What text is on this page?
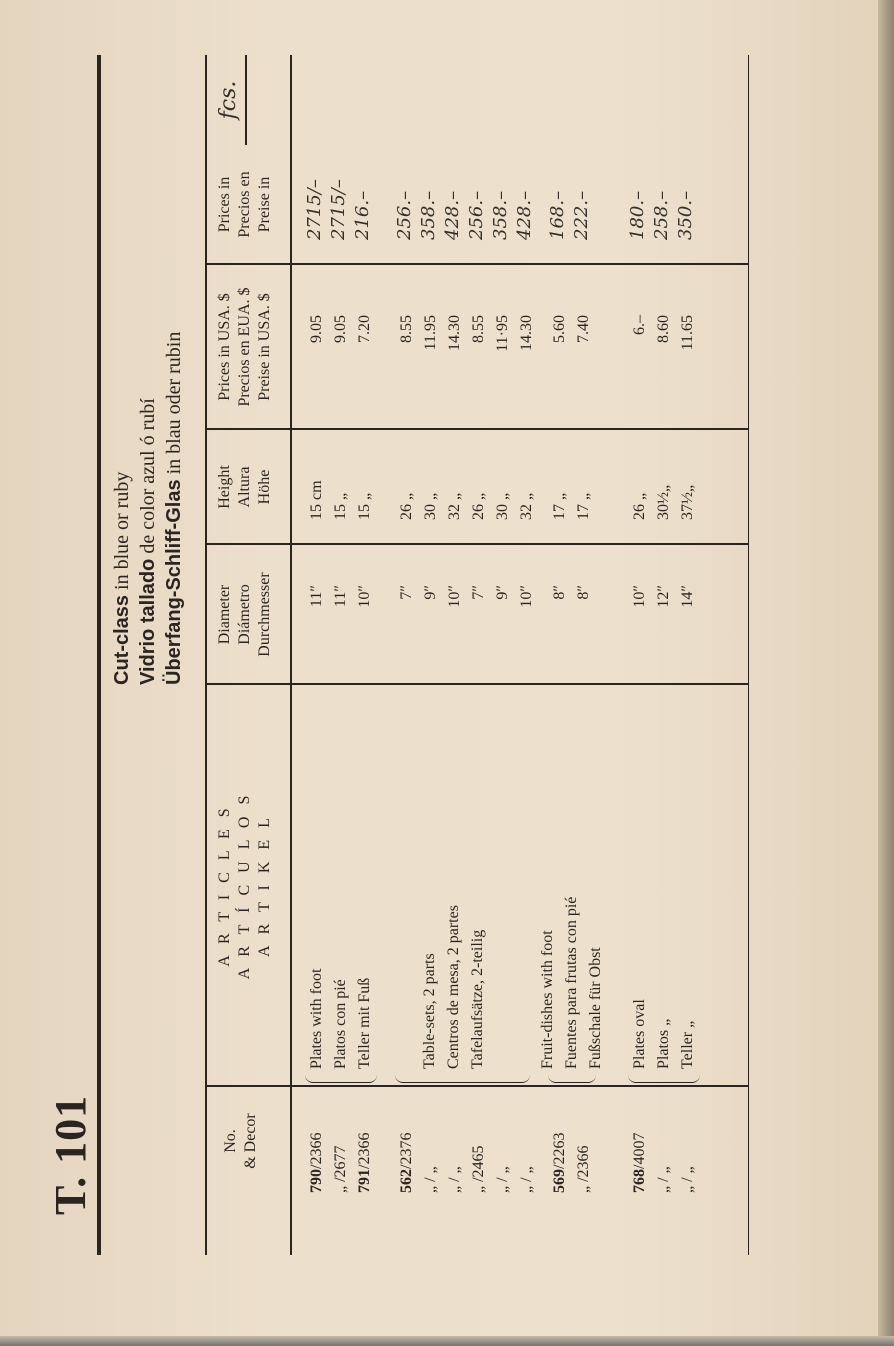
T. 101
Cut-class in blue or ruby
Vidrio tallado de color azul ó rubí
Überfang-Schliff-Glas in blau oder rubin
No. & Decor
A R T I C L E S A R T Í C U L O S A R T I K E L
Diameter Diámetro Durchmesser
Height Altura Höhe
Prices in USA. $ Precios en EUA. $ Preise in USA. $
Prices in Precios en Preise in
fcs.
Plates with foot Platos con pié Teller mit Fuß	Table-sets, 2 parts Centros de mesa, 2 partes Tafelaufsätze, 2-teilig	Fruit-dishes with foot Fuentes para frutas con pié Fußschale für Obst Plates oval Platos „ Teller „
790/2366 „ /2677 791/2366
11″ 11″ 10″
15 cm 15 „ 15 „
9.05 9.05 7.20
2715/– 2715/– 216.–
562/2376
„ / „ „ / „ „ /2465 „ / „ „ / „
7″ 9″ 10″ 7″ 9″ 10″
26 „ 30 „ 32 „ 26 „ 30 „ 32 „
8.55 11.95 14.30 8.55 11·95 14.30
256.– 358.– 428.– 256.– 358.– 428.–
569/2263 „ /2366
8″ 8″
17 „ 17 „
5.60 7.40
168.– 222.–
768/4007
„ / „ „ / „
10″ 12″ 14″
26 „ 30½„ 37½„
6.– 8.60 11.65
180.– 258.– 350.–
